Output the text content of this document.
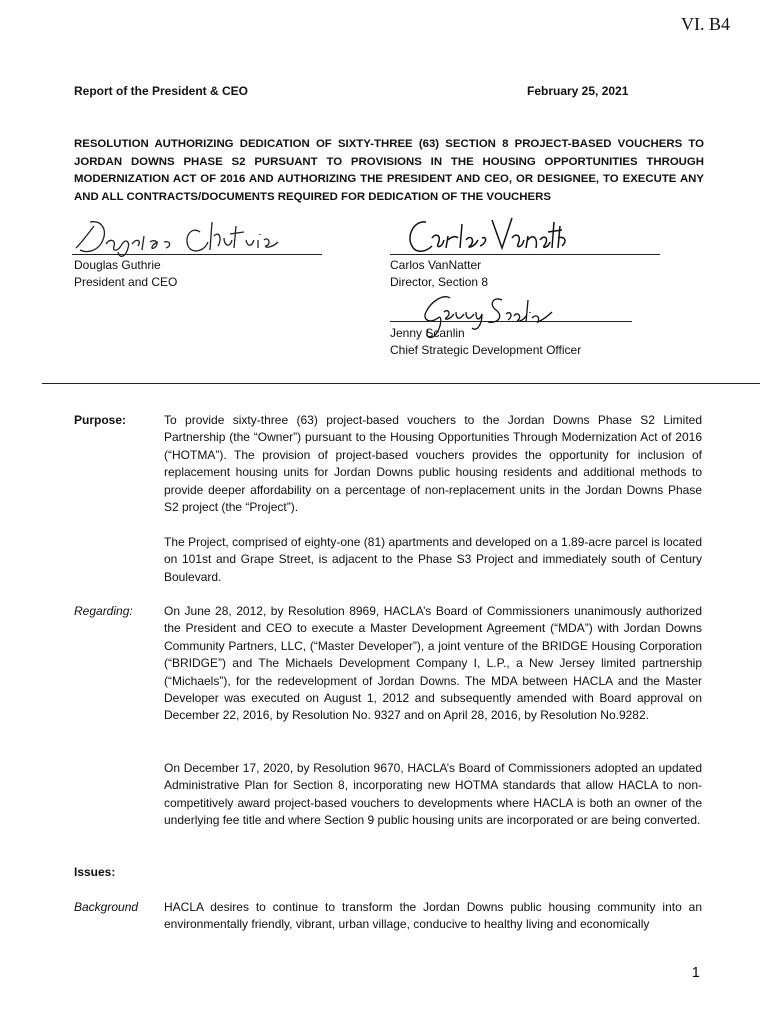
VI. B4
Report of the President & CEO	February 25, 2021
RESOLUTION AUTHORIZING DEDICATION OF SIXTY-THREE (63) SECTION 8 PROJECT-BASED VOUCHERS TO JORDAN DOWNS PHASE S2 PURSUANT TO PROVISIONS IN THE HOUSING OPPORTUNITIES THROUGH MODERNIZATION ACT OF 2016 AND AUTHORIZING THE PRESIDENT AND CEO, OR DESIGNEE, TO EXECUTE ANY AND ALL CONTRACTS/DOCUMENTS REQUIRED FOR DEDICATION OF THE VOUCHERS
Douglas Guthrie
President and CEO
Carlos VanNatter
Director, Section 8
Jenny Scanlin
Chief Strategic Development Officer
Purpose:	To provide sixty-three (63) project-based vouchers to the Jordan Downs Phase S2 Limited Partnership (the “Owner”) pursuant to the Housing Opportunities Through Modernization Act of 2016 (“HOTMA”). The provision of project-based vouchers provides the opportunity for inclusion of replacement housing units for Jordan Downs public housing residents and additional methods to provide deeper affordability on a percentage of non-replacement units in the Jordan Downs Phase S2 project (the “Project”).

The Project, comprised of eighty-one (81) apartments and developed on a 1.89-acre parcel is located on 101st and Grape Street, is adjacent to the Phase S3 Project and immediately south of Century Boulevard.

Regarding:	On June 28, 2012, by Resolution 8969, HACLA’s Board of Commissioners unanimously authorized the President and CEO to execute a Master Development Agreement (“MDA”) with Jordan Downs Community Partners, LLC, (“Master Developer”), a joint venture of the BRIDGE Housing Corporation (“BRIDGE”) and The Michaels Development Company I, L.P., a New Jersey limited partnership (“Michaels”), for the redevelopment of Jordan Downs. The MDA between HACLA and the Master Developer was executed on August 1, 2012 and subsequently amended with Board approval on December 22, 2016, by Resolution No. 9327 and on April 28, 2016, by Resolution No.9282.

On December 17, 2020, by Resolution 9670, HACLA’s Board of Commissioners adopted an updated Administrative Plan for Section 8, incorporating new HOTMA standards that allow HACLA to non-competitively award project-based vouchers to developments where HACLA is both an owner of the underlying fee title and where Section 9 public housing units are incorporated or are being converted.

Issues:
Background HACLA desires to continue to transform the Jordan Downs public housing community into an environmentally friendly, vibrant, urban village, conducive to healthy living and economically

1
